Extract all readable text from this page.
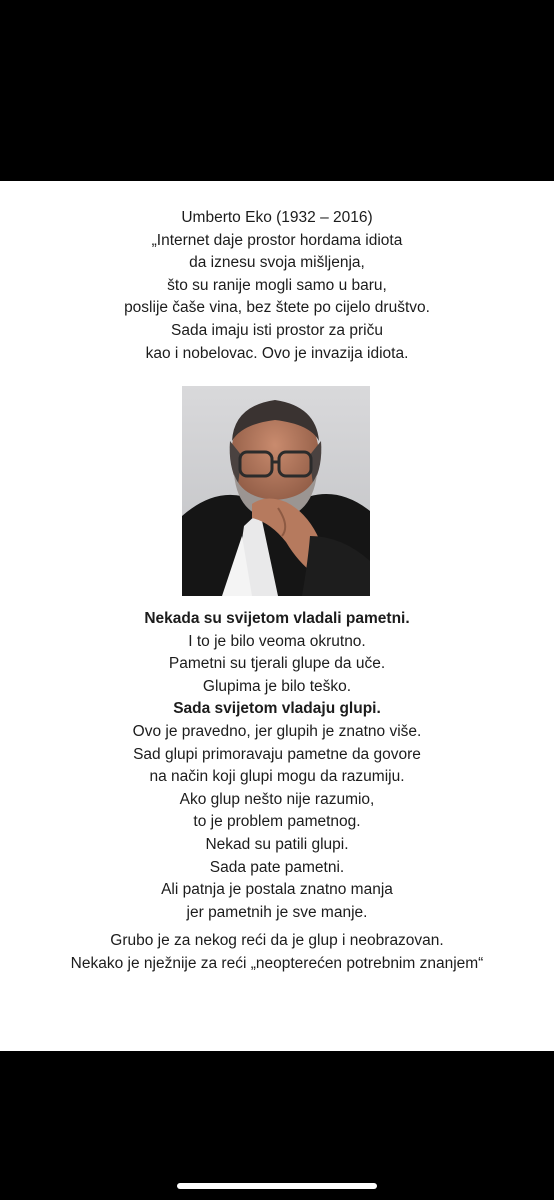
Umberto Eko (1932 – 2016)
„Internet daje prostor hordama idiota
da iznesu svoja mišljenja,
što su ranije mogli samo u baru,
poslije čaše vina, bez štete po cijelo društvo.
Sada imaju isti prostor za priču
kao i nobelovac. Ovo je invazija idiota.
Nekada su svijetom vladali pametni.
I to je bilo veoma okrutno.
Pametni su tjerali glupe da uče.
Glupima je bilo teško.
Sada svijetom vladaju glupi.
Ovo je pravedno, jer glupih je znatno više.
Sad glupi primoravaju pametne da govore
na način koji glupi mogu da razumiju.
Ako glup nešto nije razumio,
to je problem pametnog.
Nekad su patili glupi.
Sada pate pametni.
Ali patnja je postala znatno manja
jer pametnih je sve manje.
Grubo je za nekog reći da je glup i neobrazovan.
Nekako je nježnije za reći „neopterećen potrebnim znanjem“
